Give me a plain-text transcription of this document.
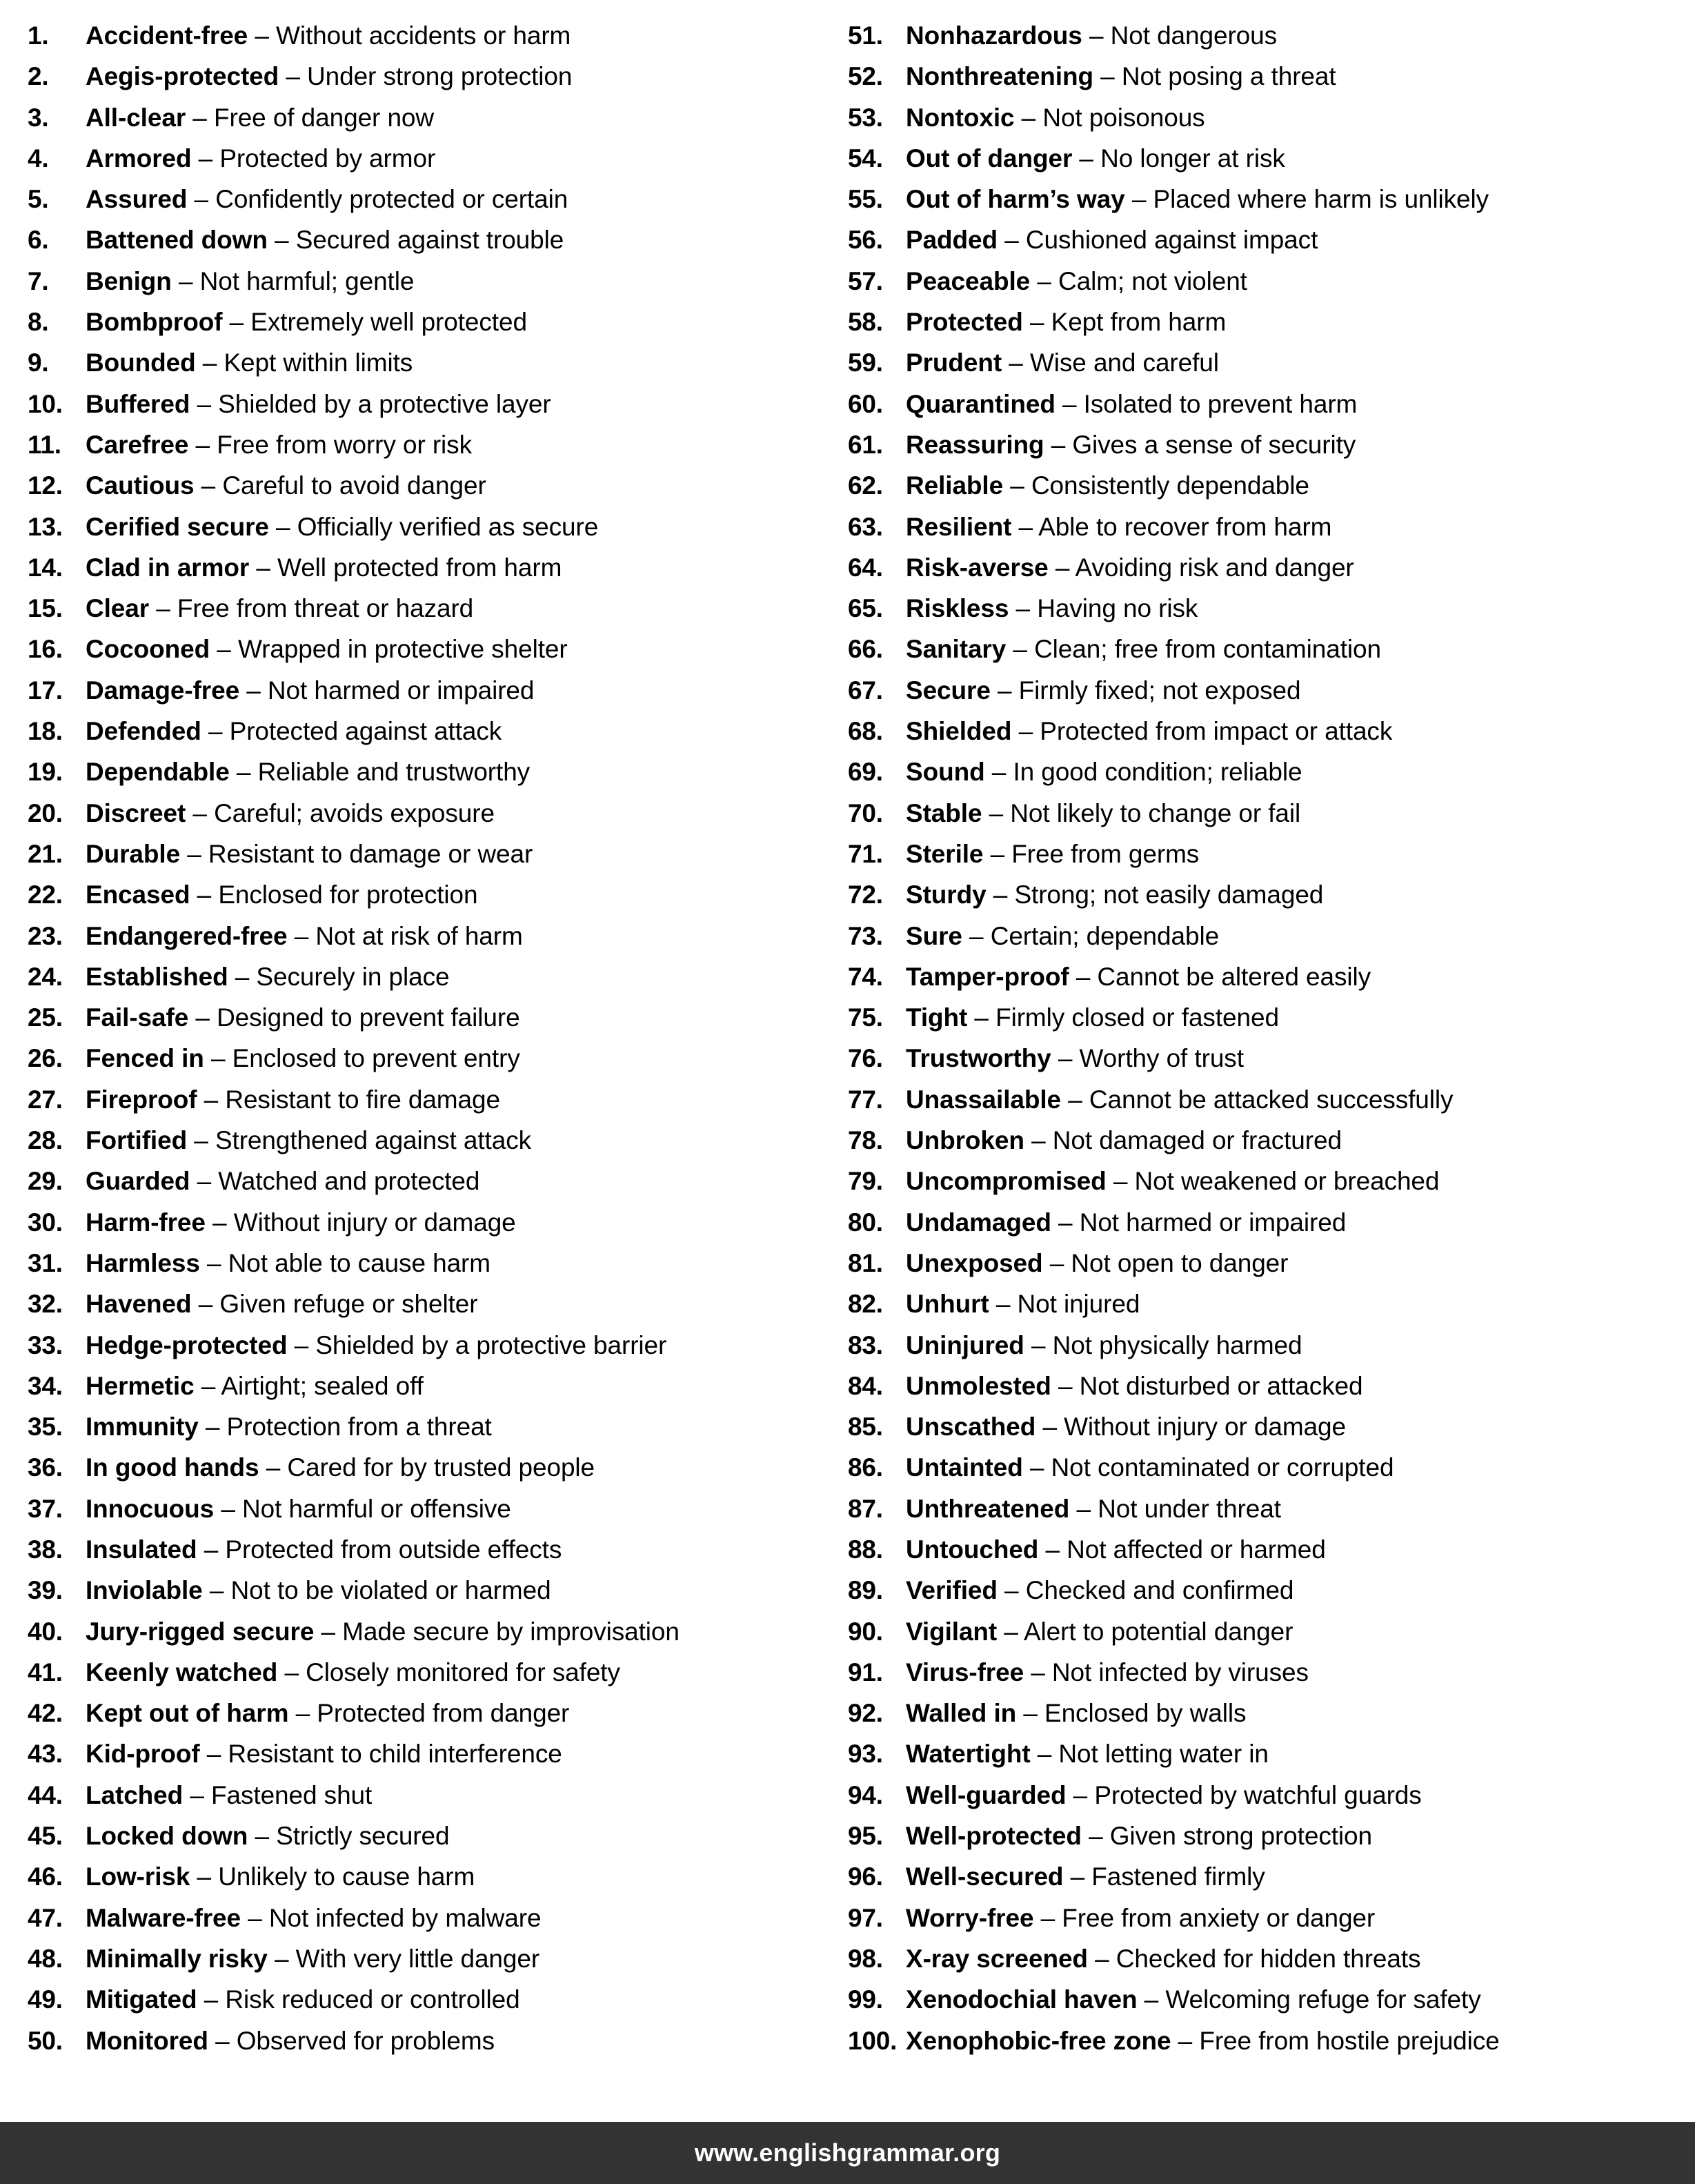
1.	Accident-free – Without accidents or harm
2.	Aegis-protected – Under strong protection
3.	All-clear – Free of danger now
4.	Armored – Protected by armor
5.	Assured – Confidently protected or certain
6.	Battened down – Secured against trouble
7.	Benign – Not harmful; gentle
8.	Bombproof – Extremely well protected
9.	Bounded – Kept within limits
10. Buffered – Shielded by a protective layer
11. Carefree – Free from worry or risk
12. Cautious – Careful to avoid danger
13. Cerified secure – Officially verified as secure
14. Clad in armor – Well protected from harm
15. Clear – Free from threat or hazard
16. Cocooned – Wrapped in protective shelter
17. Damage-free – Not harmed or impaired
18. Defended – Protected against attack
19. Dependable – Reliable and trustworthy
20. Discreet – Careful; avoids exposure
21. Durable – Resistant to damage or wear
22. Encased – Enclosed for protection
23. Endangered-free – Not at risk of harm
24. Established – Securely in place
25. Fail-safe – Designed to prevent failure
26. Fenced in – Enclosed to prevent entry
27. Fireproof – Resistant to fire damage
28. Fortified – Strengthened against attack
29. Guarded – Watched and protected
30. Harm-free – Without injury or damage
31. Harmless – Not able to cause harm
32. Havened – Given refuge or shelter
33. Hedge-protected – Shielded by a protective barrier
34. Hermetic – Airtight; sealed off
35. Immunity – Protection from a threat
36. In good hands – Cared for by trusted people
37. Innocuous – Not harmful or offensive
38. Insulated – Protected from outside effects
39. Inviolable – Not to be violated or harmed
40. Jury-rigged secure – Made secure by improvisation
41. Keenly watched – Closely monitored for safety
42. Kept out of harm – Protected from danger
43. Kid-proof – Resistant to child interference
44. Latched – Fastened shut
45. Locked down – Strictly secured
46. Low-risk – Unlikely to cause harm
47. Malware-free – Not infected by malware
48. Minimally risky – With very little danger
49. Mitigated – Risk reduced or controlled
50. Monitored – Observed for problems
51. Nonhazardous – Not dangerous
52. Nonthreatening – Not posing a threat
53. Nontoxic – Not poisonous
54. Out of danger – No longer at risk
55. Out of harm’s way – Placed where harm is unlikely
56. Padded – Cushioned against impact
57. Peaceable – Calm; not violent
58. Protected – Kept from harm
59. Prudent – Wise and careful
60. Quarantined – Isolated to prevent harm
61. Reassuring – Gives a sense of security
62. Reliable – Consistently dependable
63. Resilient – Able to recover from harm
64. Risk-averse – Avoiding risk and danger
65. Riskless – Having no risk
66. Sanitary – Clean; free from contamination
67. Secure – Firmly fixed; not exposed
68. Shielded – Protected from impact or attack
69. Sound – In good condition; reliable
70. Stable – Not likely to change or fail
71. Sterile – Free from germs
72. Sturdy – Strong; not easily damaged
73. Sure – Certain; dependable
74. Tamper-proof – Cannot be altered easily
75. Tight – Firmly closed or fastened
76. Trustworthy – Worthy of trust
77. Unassailable – Cannot be attacked successfully
78. Unbroken – Not damaged or fractured
79. Uncompromised – Not weakened or breached
80. Undamaged – Not harmed or impaired
81. Unexposed – Not open to danger
82. Unhurt – Not injured
83. Uninjured – Not physically harmed
84. Unmolested – Not disturbed or attacked
85. Unscathed – Without injury or damage
86. Untainted – Not contaminated or corrupted
87. Unthreatened – Not under threat
88. Untouched – Not affected or harmed
89. Verified – Checked and confirmed
90. Vigilant – Alert to potential danger
91. Virus-free – Not infected by viruses
92. Walled in – Enclosed by walls
93. Watertight – Not letting water in
94. Well-guarded – Protected by watchful guards
95. Well-protected – Given strong protection
96. Well-secured – Fastened firmly
97. Worry-free – Free from anxiety or danger
98. X-ray screened – Checked for hidden threats
99. Xenodochial haven – Welcoming refuge for safety
100. Xenophobic-free zone – Free from hostile prejudice
www.englishgrammar.org
